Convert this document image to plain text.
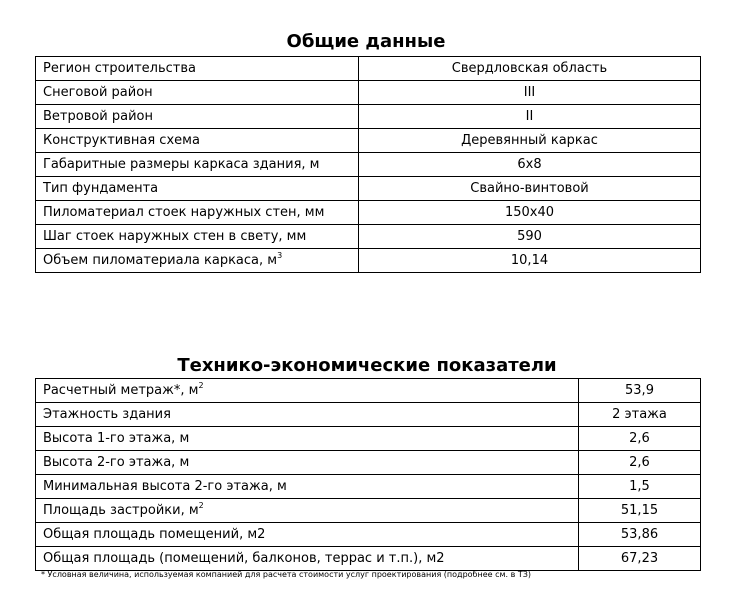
Общие данные
Регион строительства	Свердловская область
Снеговой район	III
Ветровой район	II
Конструктивная схема	Деревянный каркас
Габаритные размеры каркаса здания, м	6х8
Тип фундамента	Свайно-винтовой
Пиломатериал стоек наружных стен, мм	150х40
Шаг стоек наружных стен в свету, мм	590
Объем пиломатериала каркаса, $м^3$	10,14
Технико-экономические показатели
Расчетный метраж*, $м^2$	53,9
Этажность здания	2 этажа
Высота 1-го этажа, м	2,6
Высота 2-го этажа, м	2,6
Минимальная высота 2-го этажа, м	1,5
Площадь застройки, $м^2$	51,15
Общая площадь помещений, м2	53,86
Общая площадь (помещений, балконов, террас и т.п.), м2	67,23
* Условная величина, используемая компанией для расчета стоимости услуг проектирования (подробнее см. в ТЗ)
